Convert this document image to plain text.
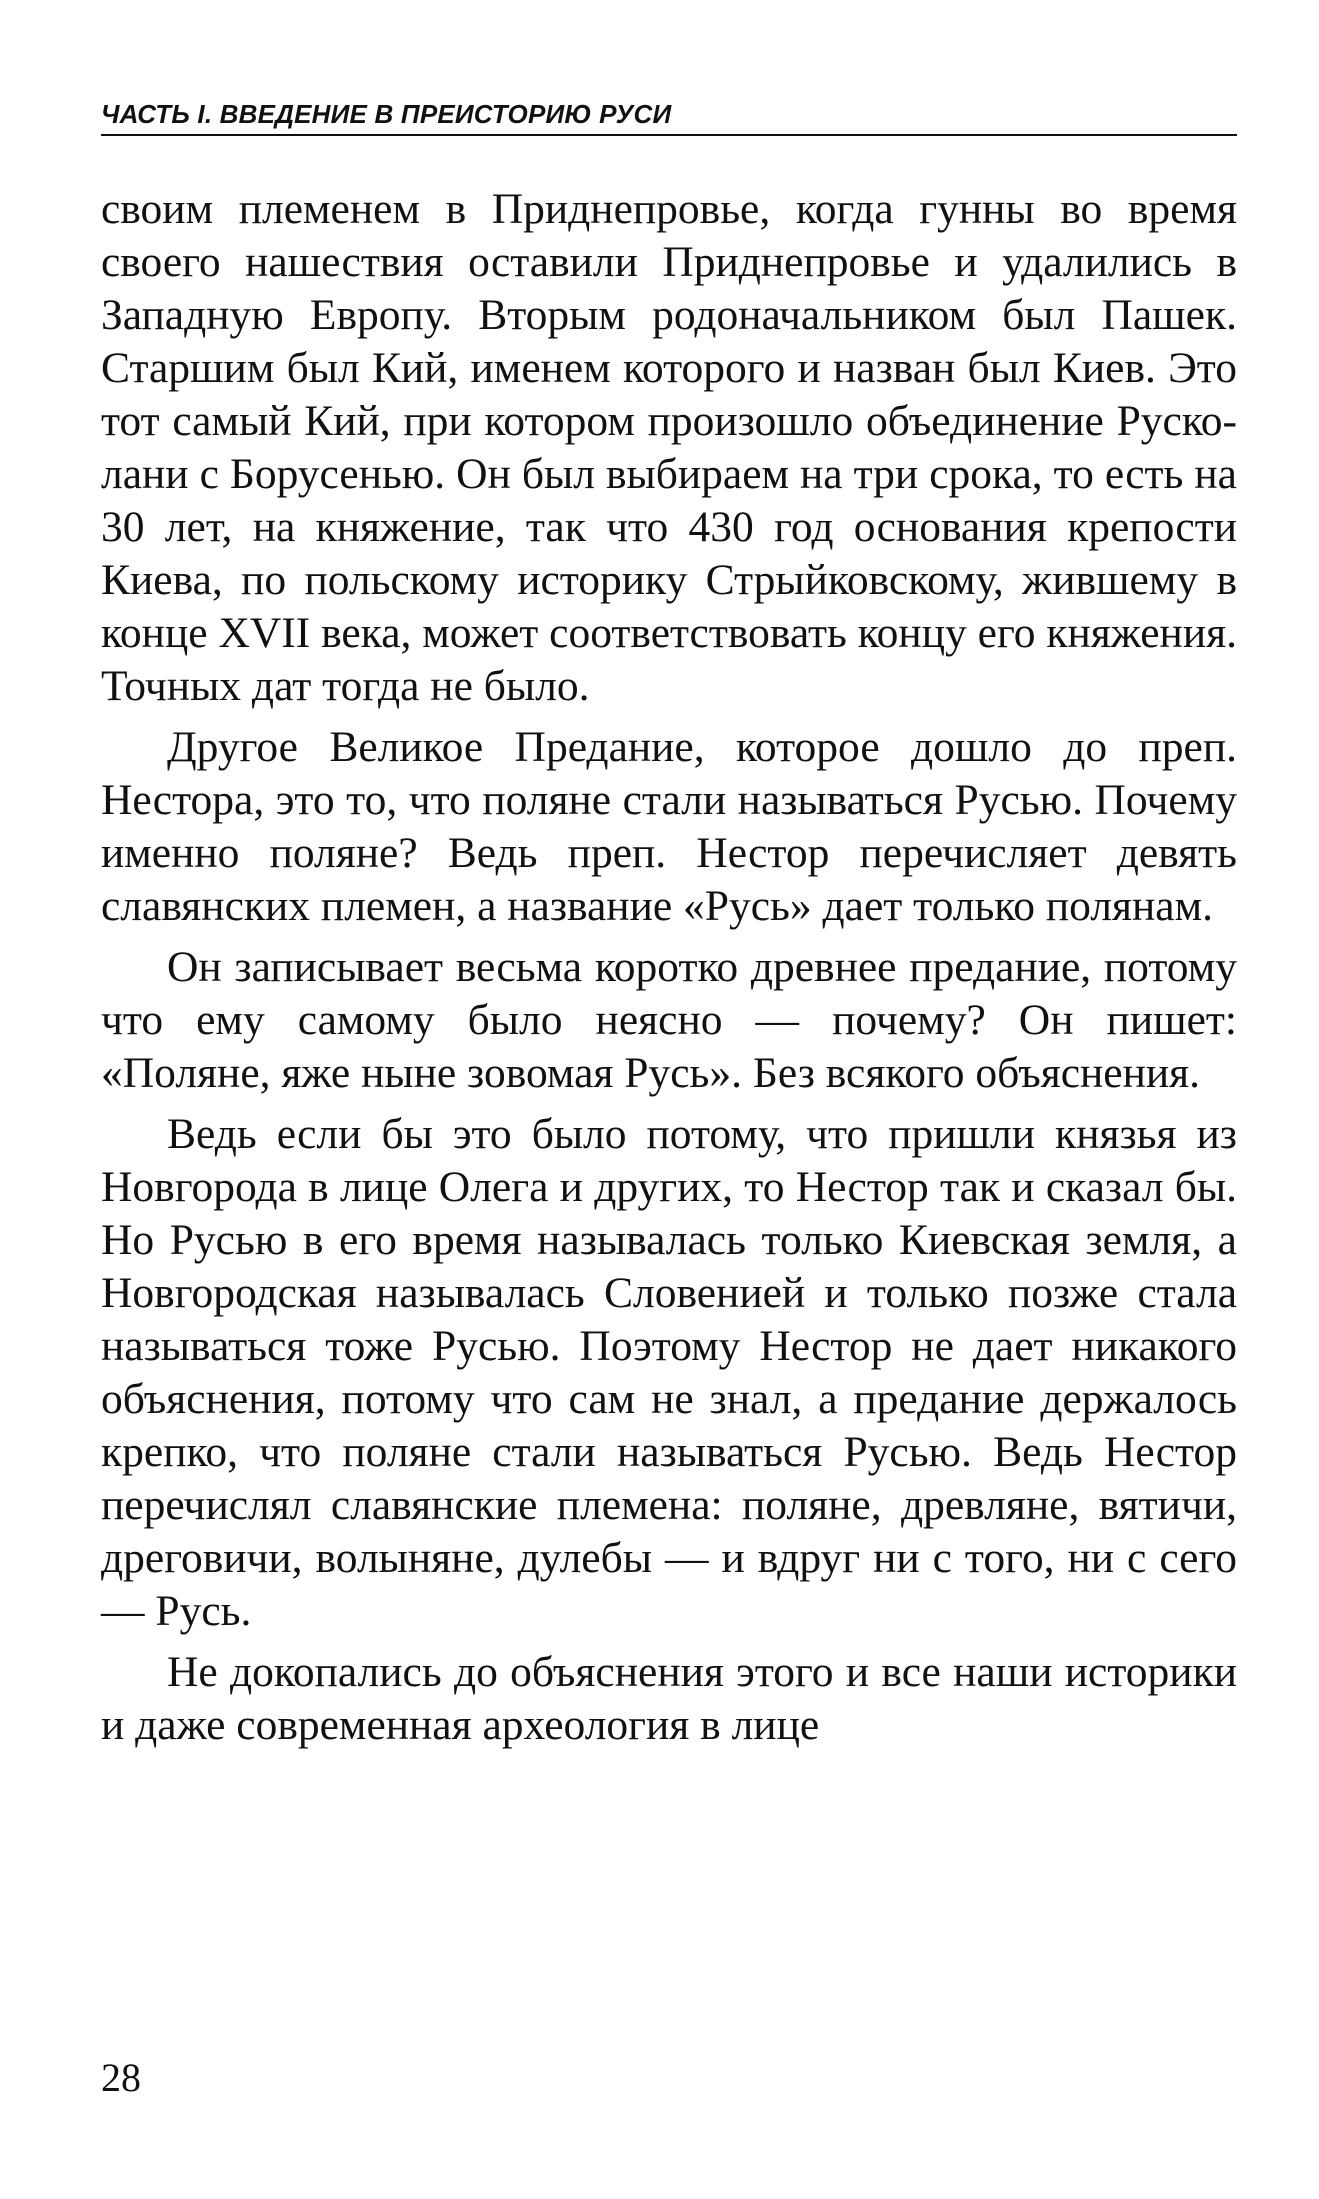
ЧАСТЬ I. ВВЕДЕНИЕ В ПРЕИСТОРИЮ РУСИ

своим племенем в Приднепровье, когда гунны во время своего нашествия оставили Приднепровье и удалились в Западную Европу. Вторым родоначальником был Пашек. Старшим был Кий, именем которого и назван был Киев. Это тот самый Кий, при котором произошло объединение Русколани с Борусенью. Он был выбираем на три срока, то есть на 30 лет, на княжение, так что 430 год основания крепости Киева, по польскому историку Стрыйковскому, жившему в конце XVII века, может соответствовать концу его княжения. Точных дат тогда не было.

Другое Великое Предание, которое дошло до преп. Нестора, это то, что поляне стали называться Русью. Почему именно поляне? Ведь преп. Нестор перечисляет девять славянских племен, а название «Русь» дает только полянам.

Он записывает весьма коротко древнее предание, потому что ему самому было неясно — почему? Он пишет: «Поляне, яже ныне зовомая Русь». Без всякого объяснения.

Ведь если бы это было потому, что пришли князья из Новгорода в лице Олега и других, то Нестор так и сказал бы. Но Русью в его время называлась только Киевская земля, а Новгородская называлась Словенией и только позже стала называться тоже Русью. Поэтому Нестор не дает никакого объяснения, потому что сам не знал, а предание держалось крепко, что поляне стали называться Русью. Ведь Нестор перечислял славянские племена: поляне, древляне, вятичи, дреговичи, волыняне, дулебы — и вдруг ни с того, ни с сего — Русь.

Не докопались до объяснения этого и все наши историки и даже современная археология в лице

28
